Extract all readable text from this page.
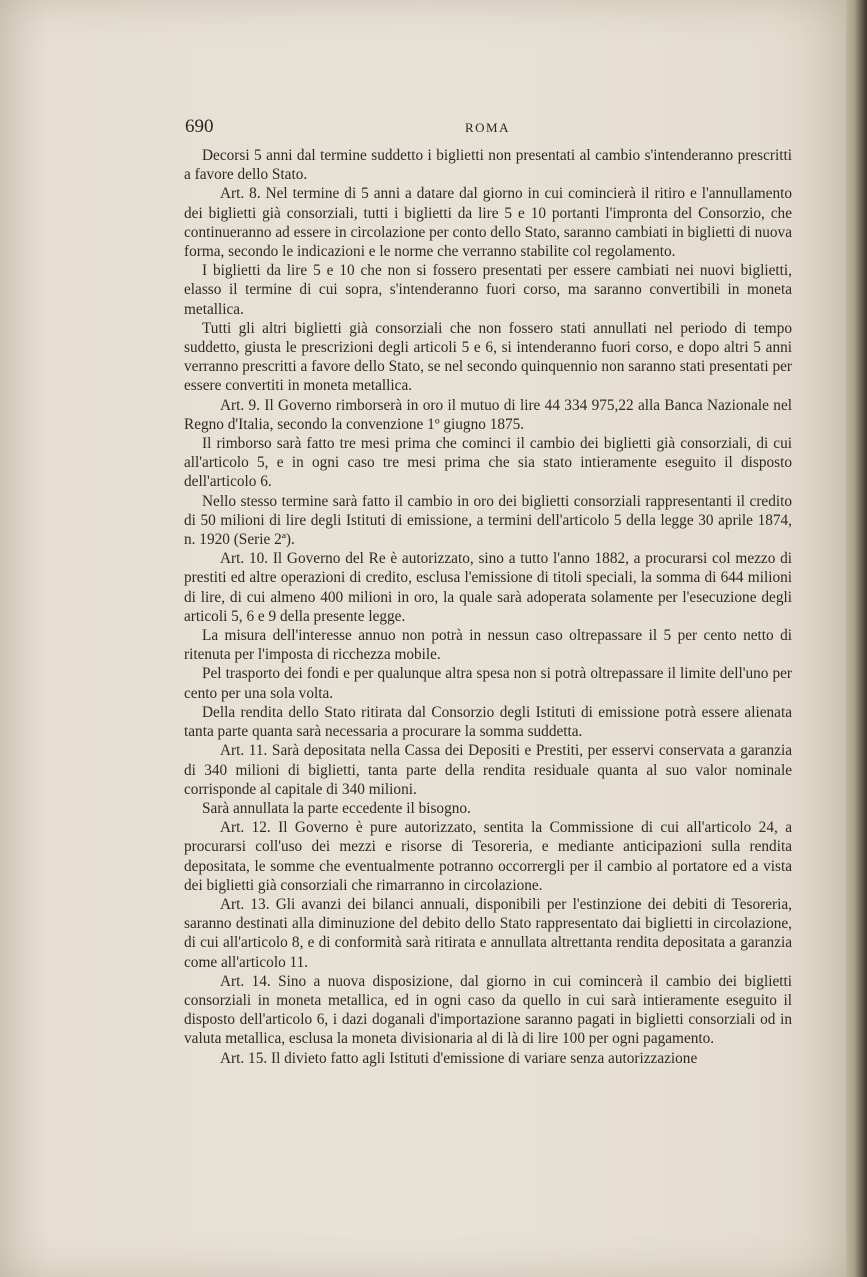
690	ROMA

Decorsi 5 anni dal termine suddetto i biglietti non presentati al cambio s'intenderanno prescritti a favore dello Stato.

Art. 8. Nel termine di 5 anni a datare dal giorno in cui comincierà il ritiro e l'annullamento dei biglietti già consorziali, tutti i biglietti da lire 5 e 10 portanti l'impronta del Consorzio, che continueranno ad essere in circolazione per conto dello Stato, saranno cambiati in biglietti di nuova forma, secondo le indicazioni e le norme che verranno stabilite col regolamento.

I biglietti da lire 5 e 10 che non si fossero presentati per essere cambiati nei nuovi biglietti, elasso il termine di cui sopra, s'intenderanno fuori corso, ma saranno convertibili in moneta metallica.

Tutti gli altri biglietti già consorziali che non fossero stati annullati nel periodo di tempo suddetto, giusta le prescrizioni degli articoli 5 e 6, si intenderanno fuori corso, e dopo altri 5 anni verranno prescritti a favore dello Stato, se nel secondo quinquennio non saranno stati presentati per essere convertiti in moneta metallica.

Art. 9. Il Governo rimborserà in oro il mutuo di lire 44 334 975,22 alla Banca Nazionale nel Regno d'Italia, secondo la convenzione 1º giugno 1875.

Il rimborso sarà fatto tre mesi prima che cominci il cambio dei biglietti già consorziali, di cui all'articolo 5, e in ogni caso tre mesi prima che sia stato intieramente eseguito il disposto dell'articolo 6.

Nello stesso termine sarà fatto il cambio in oro dei biglietti consorziali rappresentanti il credito di 50 milioni di lire degli Istituti di emissione, a termini dell'articolo 5 della legge 30 aprile 1874, n. 1920 (Serie 2ª).

Art. 10. Il Governo del Re è autorizzato, sino a tutto l'anno 1882, a procurarsi col mezzo di prestiti ed altre operazioni di credito, esclusa l'emissione di titoli speciali, la somma di 644 milioni di lire, di cui almeno 400 milioni in oro, la quale sarà adoperata solamente per l'esecuzione degli articoli 5, 6 e 9 della presente legge.

La misura dell'interesse annuo non potrà in nessun caso oltrepassare il 5 per cento netto di ritenuta per l'imposta di ricchezza mobile.

Pel trasporto dei fondi e per qualunque altra spesa non si potrà oltrepassare il limite dell'uno per cento per una sola volta.

Della rendita dello Stato ritirata dal Consorzio degli Istituti di emissione potrà essere alienata tanta parte quanta sarà necessaria a procurare la somma suddetta.

Art. 11. Sarà depositata nella Cassa dei Depositi e Prestiti, per esservi conservata a garanzia di 340 milioni di biglietti, tanta parte della rendita residuale quanta al suo valor nominale corrisponde al capitale di 340 milioni.

Sarà annullata la parte eccedente il bisogno.

Art. 12. Il Governo è pure autorizzato, sentita la Commissione di cui all'articolo 24, a procurarsi coll'uso dei mezzi e risorse di Tesoreria, e mediante anticipazioni sulla rendita depositata, le somme che eventualmente potranno occorrergli per il cambio al portatore ed a vista dei biglietti già consorziali che rimarranno in circolazione.

Art. 13. Gli avanzi dei bilanci annuali, disponibili per l'estinzione dei debiti di Tesoreria, saranno destinati alla diminuzione del debito dello Stato rappresentato dai biglietti in circolazione, di cui all'articolo 8, e di conformità sarà ritirata e annullata altrettanta rendita depositata a garanzia come all'articolo 11.

Art. 14. Sino a nuova disposizione, dal giorno in cui comincerà il cambio dei biglietti consorziali in moneta metallica, ed in ogni caso da quello in cui sarà intieramente eseguito il disposto dell'articolo 6, i dazi doganali d'importazione saranno pagati in biglietti consorziali od in valuta metallica, esclusa la moneta divisionaria al di là di lire 100 per ogni pagamento.

Art. 15. Il divieto fatto agli Istituti d'emissione di variare senza autorizzazione
